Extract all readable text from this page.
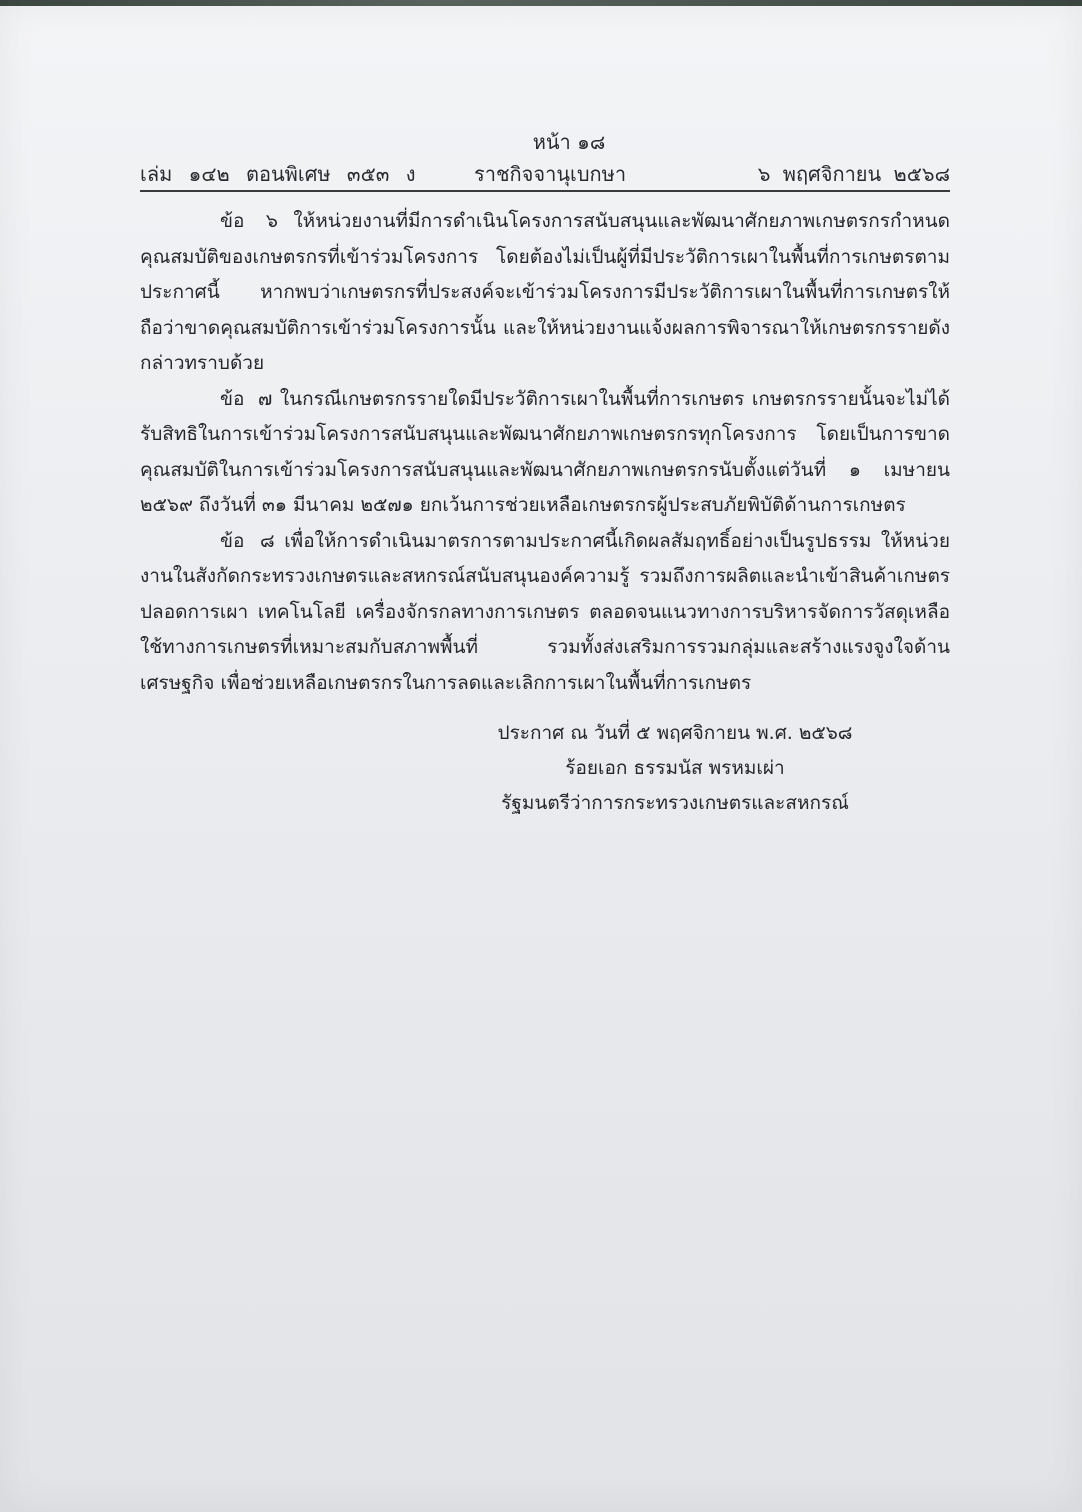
หน้า ๑๘
เล่ม ๑๔๒ ตอนพิเศษ ๓๕๓ ง	ราชกิจจานุเบกษา	๖ พฤศจิกายน ๒๕๖๘

ข้อ ๖ ให้หน่วยงานที่มีการดำเนินโครงการสนับสนุนและพัฒนาศักยภาพเกษตรกรกำหนดคุณสมบัติของเกษตรกรที่เข้าร่วมโครงการ โดยต้องไม่เป็นผู้ที่มีประวัติการเผาในพื้นที่การเกษตรตามประกาศนี้ หากพบว่าเกษตรกรที่ประสงค์จะเข้าร่วมโครงการมีประวัติการเผาในพื้นที่การเกษตรให้ถือว่าขาดคุณสมบัติการเข้าร่วมโครงการนั้น และให้หน่วยงานแจ้งผลการพิจารณาให้เกษตรกรรายดังกล่าวทราบด้วย

ข้อ ๗ ในกรณีเกษตรกรรายใดมีประวัติการเผาในพื้นที่การเกษตร เกษตรกรรายนั้นจะไม่ได้รับสิทธิในการเข้าร่วมโครงการสนับสนุนและพัฒนาศักยภาพเกษตรกรทุกโครงการ โดยเป็นการขาดคุณสมบัติในการเข้าร่วมโครงการสนับสนุนและพัฒนาศักยภาพเกษตรกรนับตั้งแต่วันที่ ๑ เมษายน ๒๕๖๙ ถึงวันที่ ๓๑ มีนาคม ๒๕๗๑ ยกเว้นการช่วยเหลือเกษตรกรผู้ประสบภัยพิบัติด้านการเกษตร

ข้อ ๘ เพื่อให้การดำเนินมาตรการตามประกาศนี้เกิดผลสัมฤทธิ์อย่างเป็นรูปธรรม ให้หน่วยงานในสังกัดกระทรวงเกษตรและสหกรณ์สนับสนุนองค์ความรู้ รวมถึงการผลิตและนำเข้าสินค้าเกษตรปลอดการเผา เทคโนโลยี เครื่องจักรกลทางการเกษตร ตลอดจนแนวทางการบริหารจัดการวัสดุเหลือใช้ทางการเกษตรที่เหมาะสมกับสภาพพื้นที่ รวมทั้งส่งเสริมการรวมกลุ่มและสร้างแรงจูงใจด้านเศรษฐกิจ เพื่อช่วยเหลือเกษตรกรในการลดและเลิกการเผาในพื้นที่การเกษตร

ประกาศ ณ วันที่ ๕ พฤศจิกายน พ.ศ. ๒๕๖๘
ร้อยเอก ธรรมนัส พรหมเผ่า
รัฐมนตรีว่าการกระทรวงเกษตรและสหกรณ์
